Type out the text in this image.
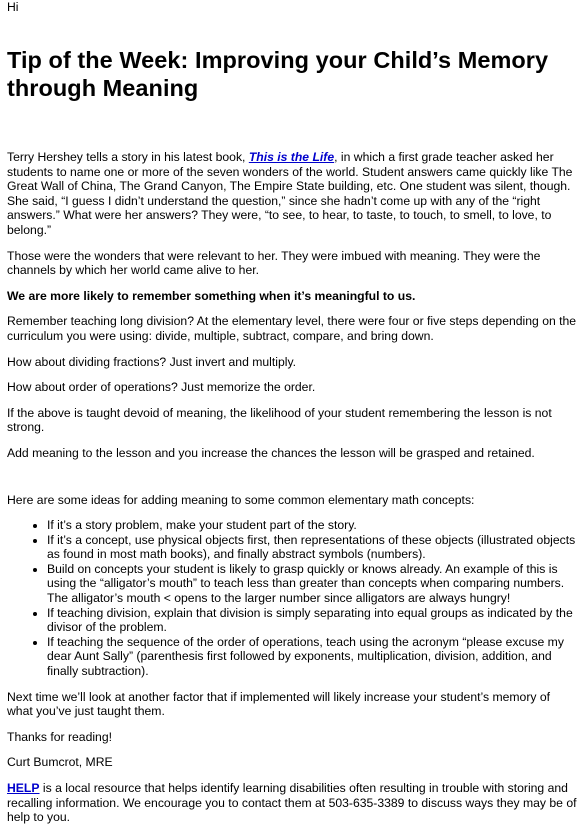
Hi

Tip of the Week: Improving your Child’s Memory through Meaning

Terry Hershey tells a story in his latest book, This is the Life, in which a first grade teacher asked her students to name one or more of the seven wonders of the world. Student answers came quickly like The Great Wall of China, The Grand Canyon, The Empire State building, etc. One student was silent, though. She said, “I guess I didn’t understand the question,” since she hadn’t come up with any of the “right answers.” What were her answers? They were, “to see, to hear, to taste, to touch, to smell, to love, to belong.”

Those were the wonders that were relevant to her. They were imbued with meaning. They were the channels by which her world came alive to her.

We are more likely to remember something when it’s meaningful to us.

Remember teaching long division? At the elementary level, there were four or five steps depending on the curriculum you were using: divide, multiple, subtract, compare, and bring down.

How about dividing fractions? Just invert and multiply.

How about order of operations? Just memorize the order.

If the above is taught devoid of meaning, the likelihood of your student remembering the lesson is not strong.

Add meaning to the lesson and you increase the chances the lesson will be grasped and retained.

Here are some ideas for adding meaning to some common elementary math concepts:

• If it’s a story problem, make your student part of the story.
• If it’s a concept, use physical objects first, then representations of these objects (illustrated objects as found in most math books), and finally abstract symbols (numbers).
• Build on concepts your student is likely to grasp quickly or knows already. An example of this is using the “alligator’s mouth” to teach less than greater than concepts when comparing numbers. The alligator’s mouth < opens to the larger number since alligators are always hungry!
• If teaching division, explain that division is simply separating into equal groups as indicated by the divisor of the problem.
• If teaching the sequence of the order of operations, teach using the acronym “please excuse my dear Aunt Sally” (parenthesis first followed by exponents, multiplication, division, addition, and finally subtraction).

Next time we’ll look at another factor that if implemented will likely increase your student’s memory of what you’ve just taught them.

Thanks for reading!

Curt Bumcrot, MRE

HELP is a local resource that helps identify learning disabilities often resulting in trouble with storing and recalling information. We encourage you to contact them at 503-635-3389 to discuss ways they may be of help to you.
